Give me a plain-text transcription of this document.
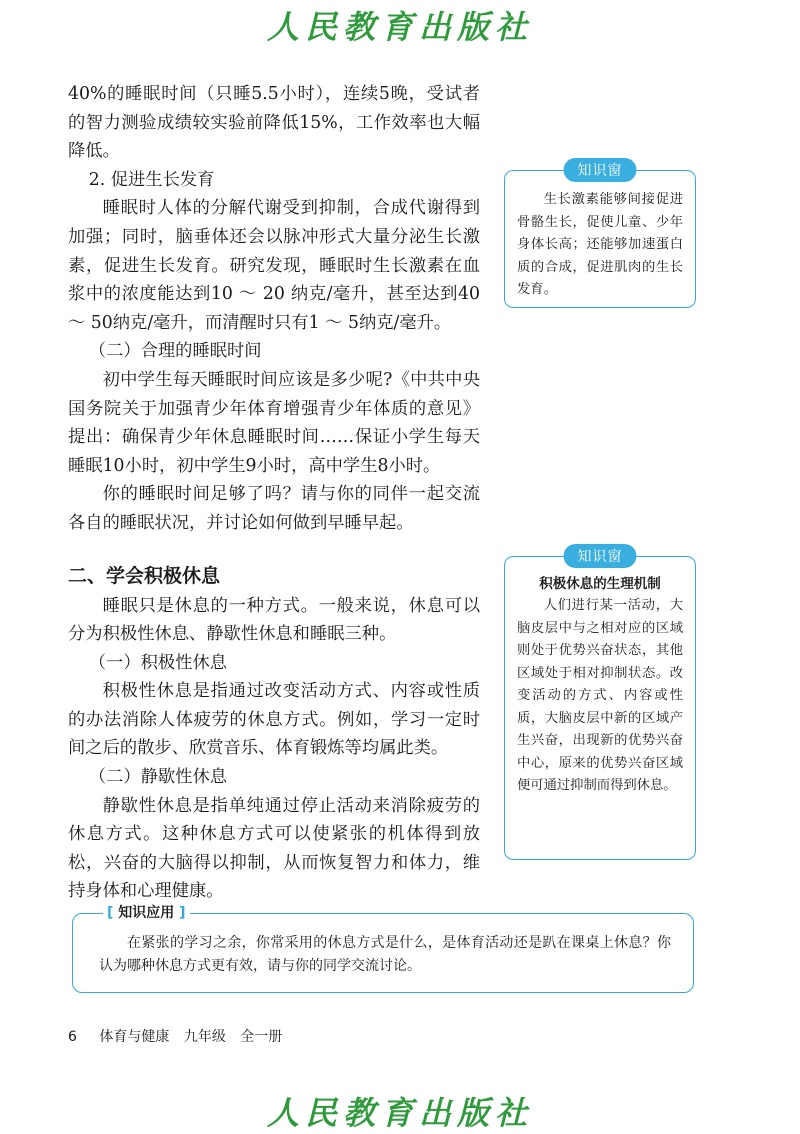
人民教育出版社

40%的睡眠时间（只睡5.5小时），连续5晚，受试者的智力测验成绩较实验前降低15%，工作效率也大幅降低。

2. 促进生长发育

睡眠时人体的分解代谢受到抑制，合成代谢得到加强；同时，脑垂体还会以脉冲形式大量分泌生长激素，促进生长发育。研究发现，睡眠时生长激素在血浆中的浓度能达到10 ～ 20 纳克/毫升，甚至达到40 ～ 50纳克/毫升，而清醒时只有1 ～ 5纳克/毫升。

（二）合理的睡眠时间

初中学生每天睡眠时间应该是多少呢?《中共中央国务院关于加强青少年体育增强青少年体质的意见》提出：确保青少年休息睡眠时间……保证小学生每天睡眠10小时，初中学生9小时，高中学生8小时。

你的睡眠时间足够了吗？请与你的同伴一起交流各自的睡眠状况，并讨论如何做到早睡早起。

二、学会积极休息

睡眠只是休息的一种方式。一般来说，休息可以分为积极性休息、静歇性休息和睡眠三种。

（一）积极性休息

积极性休息是指通过改变活动方式、内容或性质的办法消除人体疲劳的休息方式。例如，学习一定时间之后的散步、欣赏音乐、体育锻炼等均属此类。

（二）静歇性休息

静歇性休息是指单纯通过停止活动来消除疲劳的休息方式。这种休息方式可以使紧张的机体得到放松，兴奋的大脑得以抑制，从而恢复智力和体力，维持身体和心理健康。

知识窗

生长激素能够间接促进骨骼生长，促使儿童、少年身体长高；还能够加速蛋白质的合成，促进肌肉的生长发育。

知识窗
积极休息的生理机制

人们进行某一活动，大脑皮层中与之相对应的区域则处于优势兴奋状态，其他区域处于相对抑制状态。改变活动的方式、内容或性质，大脑皮层中新的区域产生兴奋，出现新的优势兴奋中心，原来的优势兴奋区域便可通过抑制而得到休息。

[ 知识应用 ]
在紧张的学习之余，你常采用的休息方式是什么，是体育活动还是趴在课桌上休息？你认为哪种休息方式更有效，请与你的同学交流讨论。
6 体育与健康 九年级 全一册
人民教育出版社
